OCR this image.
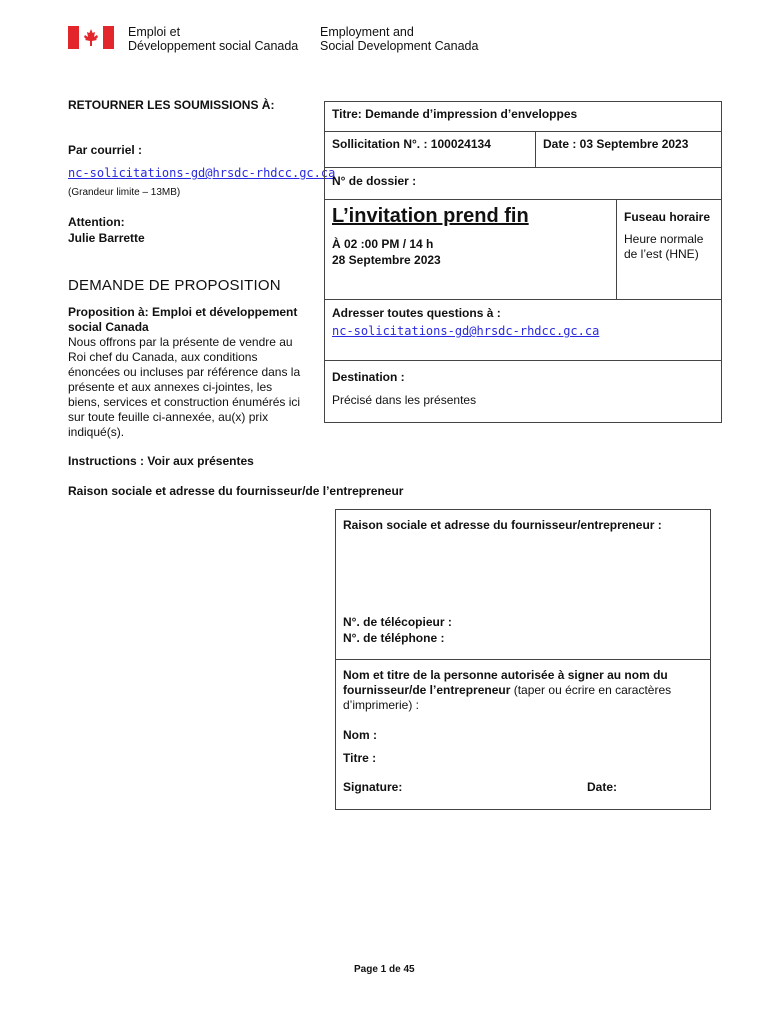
Emploi et
Développement social Canada
Employment and
Social Development Canada
RETOURNER LES SOUMISSIONS À:
Par courriel :
nc-solicitations-gd@hrsdc-rhdcc.gc.ca
(Grandeur limite – 13MB)
Attention:
Julie Barrette
DEMANDE DE PROPOSITION
Proposition à: Emploi et développement
social Canada
Nous offrons par la présente de vendre au
Roi chef du Canada, aux conditions
énoncées ou incluses par référence dans la
présente et aux annexes ci-jointes, les
biens, services et construction énumérés ici
sur toute feuille ci-annexée, au(x) prix
indiqué(s).
Instructions : Voir aux présentes
Raison sociale et adresse du fournisseur/de l’entrepreneur
Titre: Demande d’impression d’enveloppes
Sollicitation N°. : 100024134	Date : 03 Septembre 2023
N° de dossier :
L’invitation prend fin
À 02 :00 PM / 14 h
28 Septembre 2023
Fuseau horaire
Heure normale
de l’est (HNE)
Adresser toutes questions à :
nc-solicitations-gd@hrsdc-rhdcc.gc.ca
Destination :
Précisé dans les présentes
Raison sociale et adresse du fournisseur/entrepreneur :
N°. de télécopieur :
N°. de téléphone :
Nom et titre de la personne autorisée à signer au nom du
fournisseur/de l’entrepreneur (taper ou écrire en caractères
d’imprimerie) :
Nom :
Titre :
Signature:	Date:
Page 1 de 45
